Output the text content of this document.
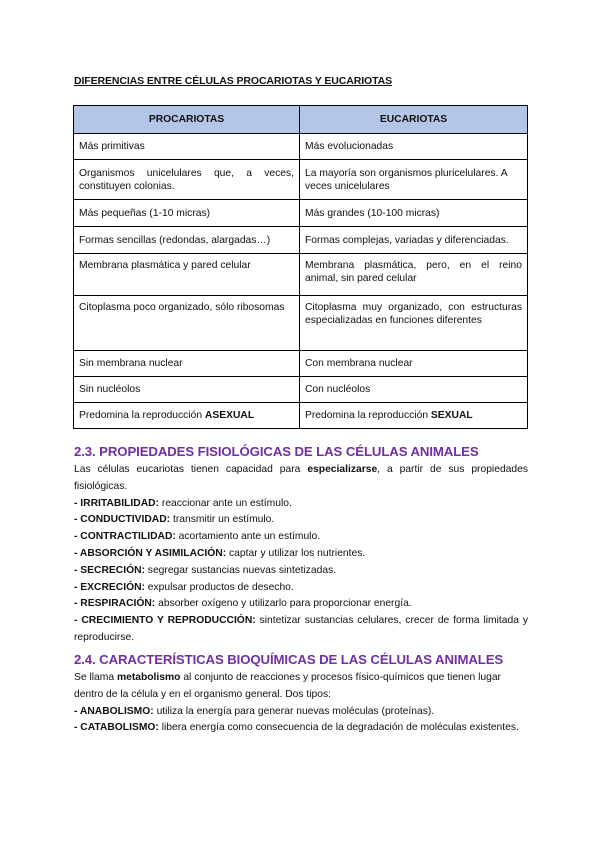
DIFERENCIAS ENTRE CÉLULAS PROCARIOTAS Y EUCARIOTAS
PROCARIOTAS	EUCARIOTAS
Más primitivas	Más evolucionadas
Organismos unicelulares que, a veces, constituyen colonias.	La mayoría son organismos pluricelulares. A veces unicelulares
Más pequeñas (1-10 micras)	Más grandes (10-100 micras)
Formas sencillas (redondas, alargadas…)	Formas complejas, variadas y diferenciadas.
Membrana plasmática y pared celular	Membrana plasmática, pero, en el reino animal, sin pared celular
Citoplasma poco organizado, sólo ribosomas	Citoplasma muy organizado, con estructuras especializadas en funciones diferentes
Sin membrana nuclear	Con membrana nuclear
Sin nucléolos	Con nucléolos
Predomina la reproducción ASEXUAL	Predomina la reproducción SEXUAL
2.3. PROPIEDADES FISIOLÓGICAS DE LAS CÉLULAS ANIMALES
Las células eucariotas tienen capacidad para especializarse, a partir de sus propiedades fisiológicas.
- IRRITABILIDAD: reaccionar ante un estímulo.
- CONDUCTIVIDAD: transmitir un estímulo.
- CONTRACTILIDAD: acortamiento ante un estímulo.
- ABSORCIÓN Y ASIMILACIÓN: captar y utilizar los nutrientes.
- SECRECIÓN: segregar sustancias nuevas sintetizadas.
- EXCRECIÓN: expulsar productos de desecho.
- RESPIRACIÓN: absorber oxígeno y utilizarlo para proporcionar energía.
- CRECIMIENTO Y REPRODUCCIÓN: sintetizar sustancias celulares, crecer de forma limitada y reproducirse.
2.4. CARACTERÍSTICAS BIOQUÍMICAS DE LAS CÉLULAS ANIMALES
Se llama metabolismo al conjunto de reacciones y procesos físico-químicos que tienen lugar dentro de la célula y en el organismo general. Dos tipos:
- ANABOLISMO: utiliza la energía para generar nuevas moléculas (proteínas).
- CATABOLISMO: libera energía como consecuencia de la degradación de moléculas existentes.
